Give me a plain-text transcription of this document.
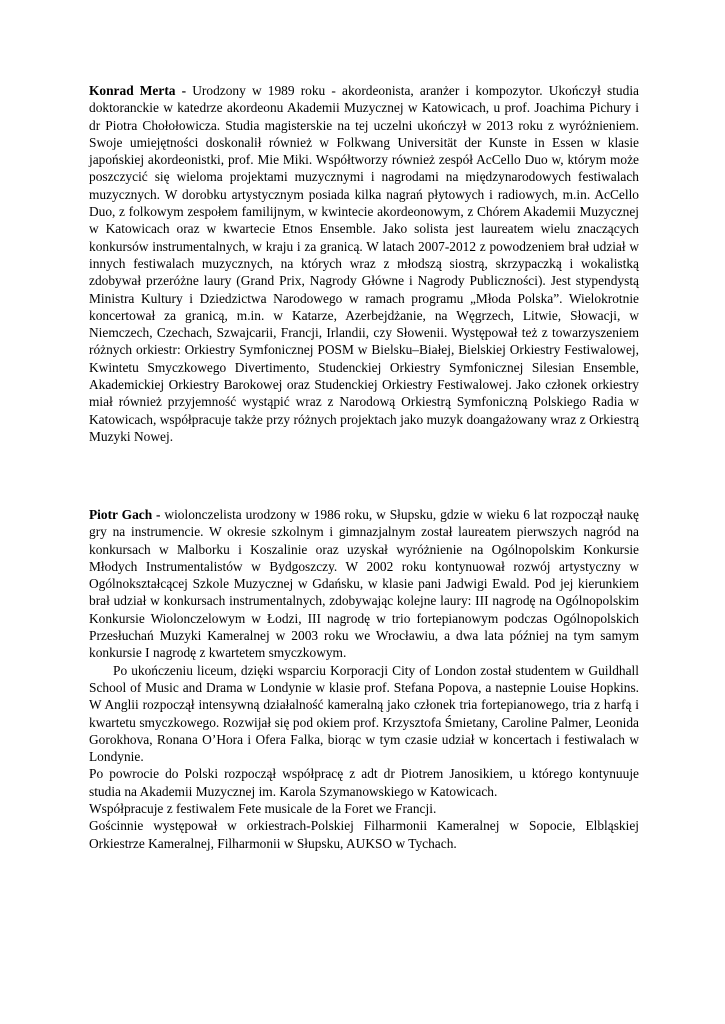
Konrad Merta - Urodzony w 1989 roku - akordeonista, aranżer i kompozytor. Ukończył studia doktoranckie w katedrze akordeonu Akademii Muzycznej w Katowicach, u prof. Joachima Pichury i dr Piotra Chołołowicza. Studia magisterskie na tej uczelni ukończył w 2013 roku z wyróżnieniem. Swoje umiejętności doskonalił również w Folkwang Universität der Kunste in Essen w klasie japońskiej akordeonistki, prof. Mie Miki. Współtworzy również zespół AcCello Duo w, którym może poszczycić się wieloma projektami muzycznymi i nagrodami na międzynarodowych festiwalach muzycznych. W dorobku artystycznym posiada kilka nagrań płytowych i radiowych, m.in. AcCello Duo, z folkowym zespołem familijnym, w kwintecie akordeonowym, z Chórem Akademii Muzycznej w Katowicach oraz w kwartecie Etnos Ensemble. Jako solista jest laureatem wielu znaczących konkursów instrumentalnych, w kraju i za granicą. W latach 2007-2012 z powodzeniem brał udział w innych festiwalach muzycznych, na których wraz z młodszą siostrą, skrzypaczką i wokalistką zdobywał przeróżne laury (Grand Prix, Nagrody Główne i Nagrody Publiczności). Jest stypendystą Ministra Kultury i Dziedzictwa Narodowego w ramach programu „Młoda Polska”. Wielokrotnie koncertował za granicą, m.in. w Katarze, Azerbejdżanie, na Węgrzech, Litwie, Słowacji, w Niemczech, Czechach, Szwajcarii, Francji, Irlandii, czy Słowenii. Występował też z towarzyszeniem różnych orkiestr: Orkiestry Symfonicznej POSM w Bielsku–Białej, Bielskiej Orkiestry Festiwalowej, Kwintetu Smyczkowego Divertimento, Studenckiej Orkiestry Symfonicznej Silesian Ensemble, Akademickiej Orkiestry Barokowej oraz Studenckiej Orkiestry Festiwalowej. Jako członek orkiestry miał również przyjemność wystąpić wraz z Narodową Orkiestrą Symfoniczną Polskiego Radia w Katowicach, współpracuje także przy różnych projektach jako muzyk doangażowany wraz z Orkiestrą Muzyki Nowej.

Piotr Gach - wiolonczelista urodzony w 1986 roku, w Słupsku, gdzie w wieku 6 lat rozpoczął naukę gry na instrumencie. W okresie szkolnym i gimnazjalnym został laureatem pierwszych nagród na konkursach w Malborku i Koszalinie oraz uzyskał wyróżnienie na Ogólnopolskim Konkursie Młodych Instrumentalistów w Bydgoszczy. W 2002 roku kontynuował rozwój artystyczny w Ogólnokształcącej Szkole Muzycznej w Gdańsku, w klasie pani Jadwigi Ewald. Pod jej kierunkiem brał udział w konkursach instrumentalnych, zdobywając kolejne laury: III nagrodę na Ogólnopolskim Konkursie Wiolonczelowym w Łodzi, III nagrodę w trio fortepianowym podczas Ogólnopolskich Przesłuchań Muzyki Kameralnej w 2003 roku we Wrocławiu, a dwa lata później na tym samym konkursie I nagrodę z kwartetem smyczkowym.

Po ukończeniu liceum, dzięki wsparciu Korporacji City of London został studentem w Guildhall School of Music and Drama w Londynie w klasie prof. Stefana Popova, a nastepnie Louise Hopkins. W Anglii rozpoczął intensywną działalność kameralną jako członek tria fortepianowego, tria z harfą i kwartetu smyczkowego. Rozwijał się pod okiem prof. Krzysztofa Śmietany, Caroline Palmer, Leonida Gorokhova, Ronana O’Hora i Ofera Falka, biorąc w tym czasie udział w koncertach i festiwalach w Londynie.

Po powrocie do Polski rozpoczął współpracę z adt dr Piotrem Janosikiem, u którego kontynuuje studia na Akademii Muzycznej im. Karola Szymanowskiego w Katowicach.

Współpracuje z festiwalem Fete musicale de la Foret we Francji.

Gościnnie występował w orkiestrach-Polskiej Filharmonii Kameralnej w Sopocie, Elbląskiej Orkiestrze Kameralnej, Filharmonii w Słupsku, AUKSO w Tychach.
